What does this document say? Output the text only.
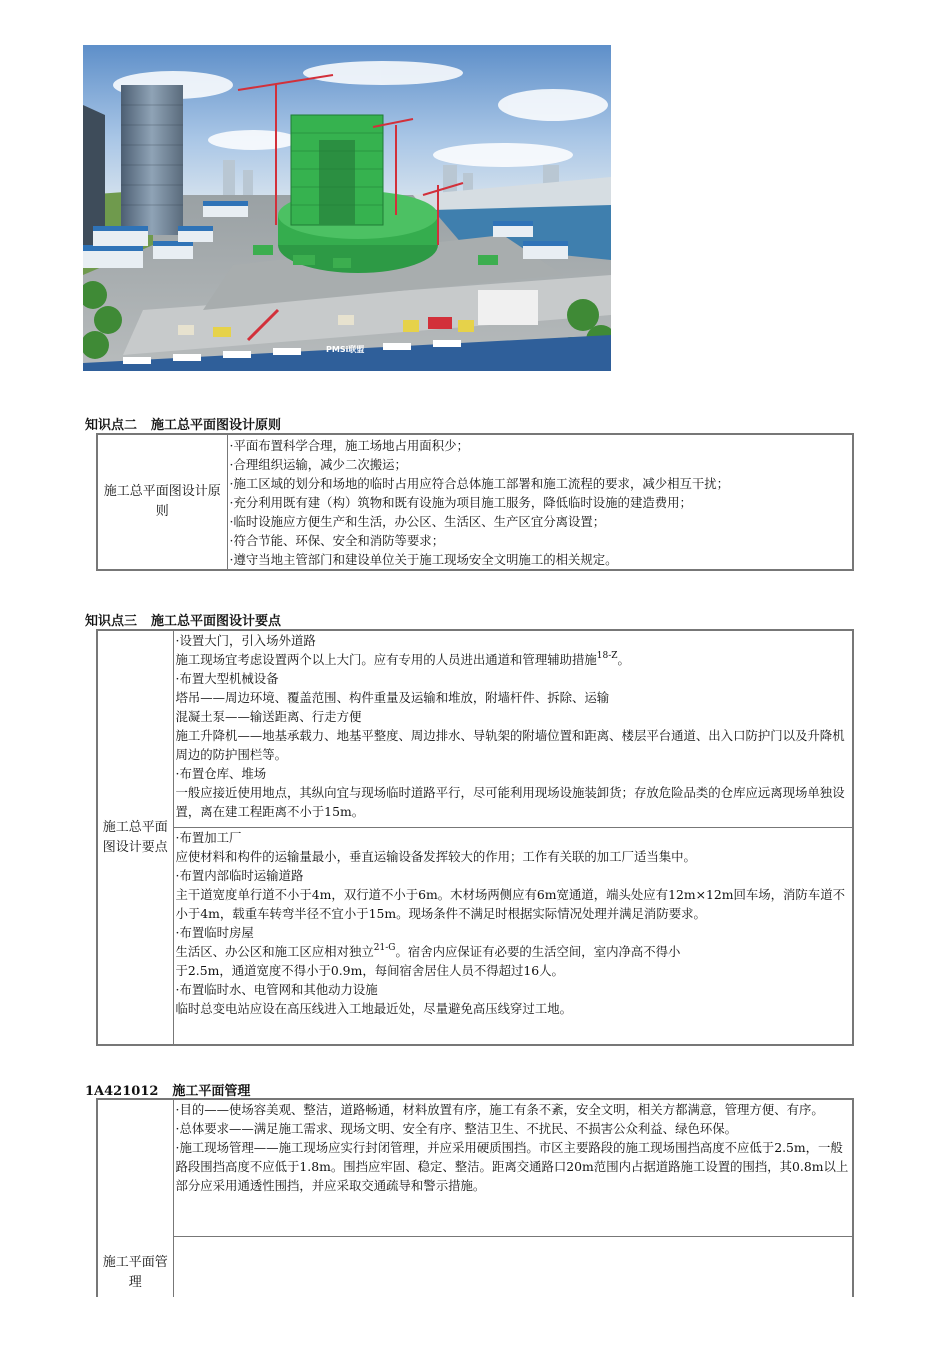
PMSi联盟
知识点二 施工总平面图设计原则
施工总平面图设计原则	

·平面布置科学合理，施工场地占用面积少；

·合理组织运输，减少二次搬运；

·施工区域的划分和场地的临时占用应符合总体施工部署和施工流程的要求，减少相互干扰；

·充分利用既有建（构）筑物和既有设施为项目施工服务，降低临时设施的建造费用；

·临时设施应方便生产和生活，办公区、生活区、生产区宜分离设置；

·符合节能、环保、安全和消防等要求；

·遵守当地主管部门和建设单位关于施工现场安全文明施工的相关规定。

知识点三 施工总平面图设计要点
施工总平面图设计要点	

·设置大门，引入场外道路

施工现场宜考虑设置两个以上大门。应有专用的人员进出通道和管理辅助措施$^{18-Z}$。

·布置大型机械设备

塔吊——周边环境、覆盖范围、构件重量及运输和堆放，附墙杆件、拆除、运输

混凝土泵——输送距离、行走方便

施工升降机——地基承载力、地基平整度、周边排水、导轨架的附墙位置和距离、楼层平台通道、出入口防护门以及升降机周边的防护围栏等。

·布置仓库、堆场

一般应接近使用地点，其纵向宜与现场临时道路平行，尽可能利用现场设施装卸货；存放危险品类的仓库应远离现场单独设置，离在建工程距离不小于15m。

·布置加工厂

应使材料和构件的运输量最小，垂直运输设备发挥较大的作用；工作有关联的加工厂适当集中。

·布置内部临时运输道路

主干道宽度单行道不小于4m，双行道不小于6m。木材场两侧应有6m宽通道，端头处应有12m×12m回车场，消防车道不小于4m，载重车转弯半径不宜小于15m。现场条件不满足时根据实际情况处理并满足消防要求。

·布置临时房屋

生活区、办公区和施工区应相对独立$^{21-G}$。宿舍内应保证有必要的生活空间，室内净高不得小

于2.5m，通道宽度不得小于0.9m，每间宿舍居住人员不得超过16人。

·布置临时水、电管网和其他动力设施

临时总变电站应设在高压线进入工地最近处，尽量避免高压线穿过工地。

1A421012 施工平面管理
施工平面管理	

·目的——使场容美观、整洁，道路畅通，材料放置有序，施工有条不紊，安全文明，相关方都满意，管理方便、有序。

·总体要求——满足施工需求、现场文明、安全有序、整洁卫生、不扰民、不损害公众利益、绿色环保。

·施工现场管理——施工现场应实行封闭管理，并应采用硬质围挡。市区主要路段的施工现场围挡高度不应低于2.5m，一般路段围挡高度不应低于1.8m。围挡应牢固、稳定、整洁。距离交通路口20m范围内占据道路施工设置的围挡，其0.8m以上部分应采用通透性围挡，并应采取交通疏导和警示措施。
